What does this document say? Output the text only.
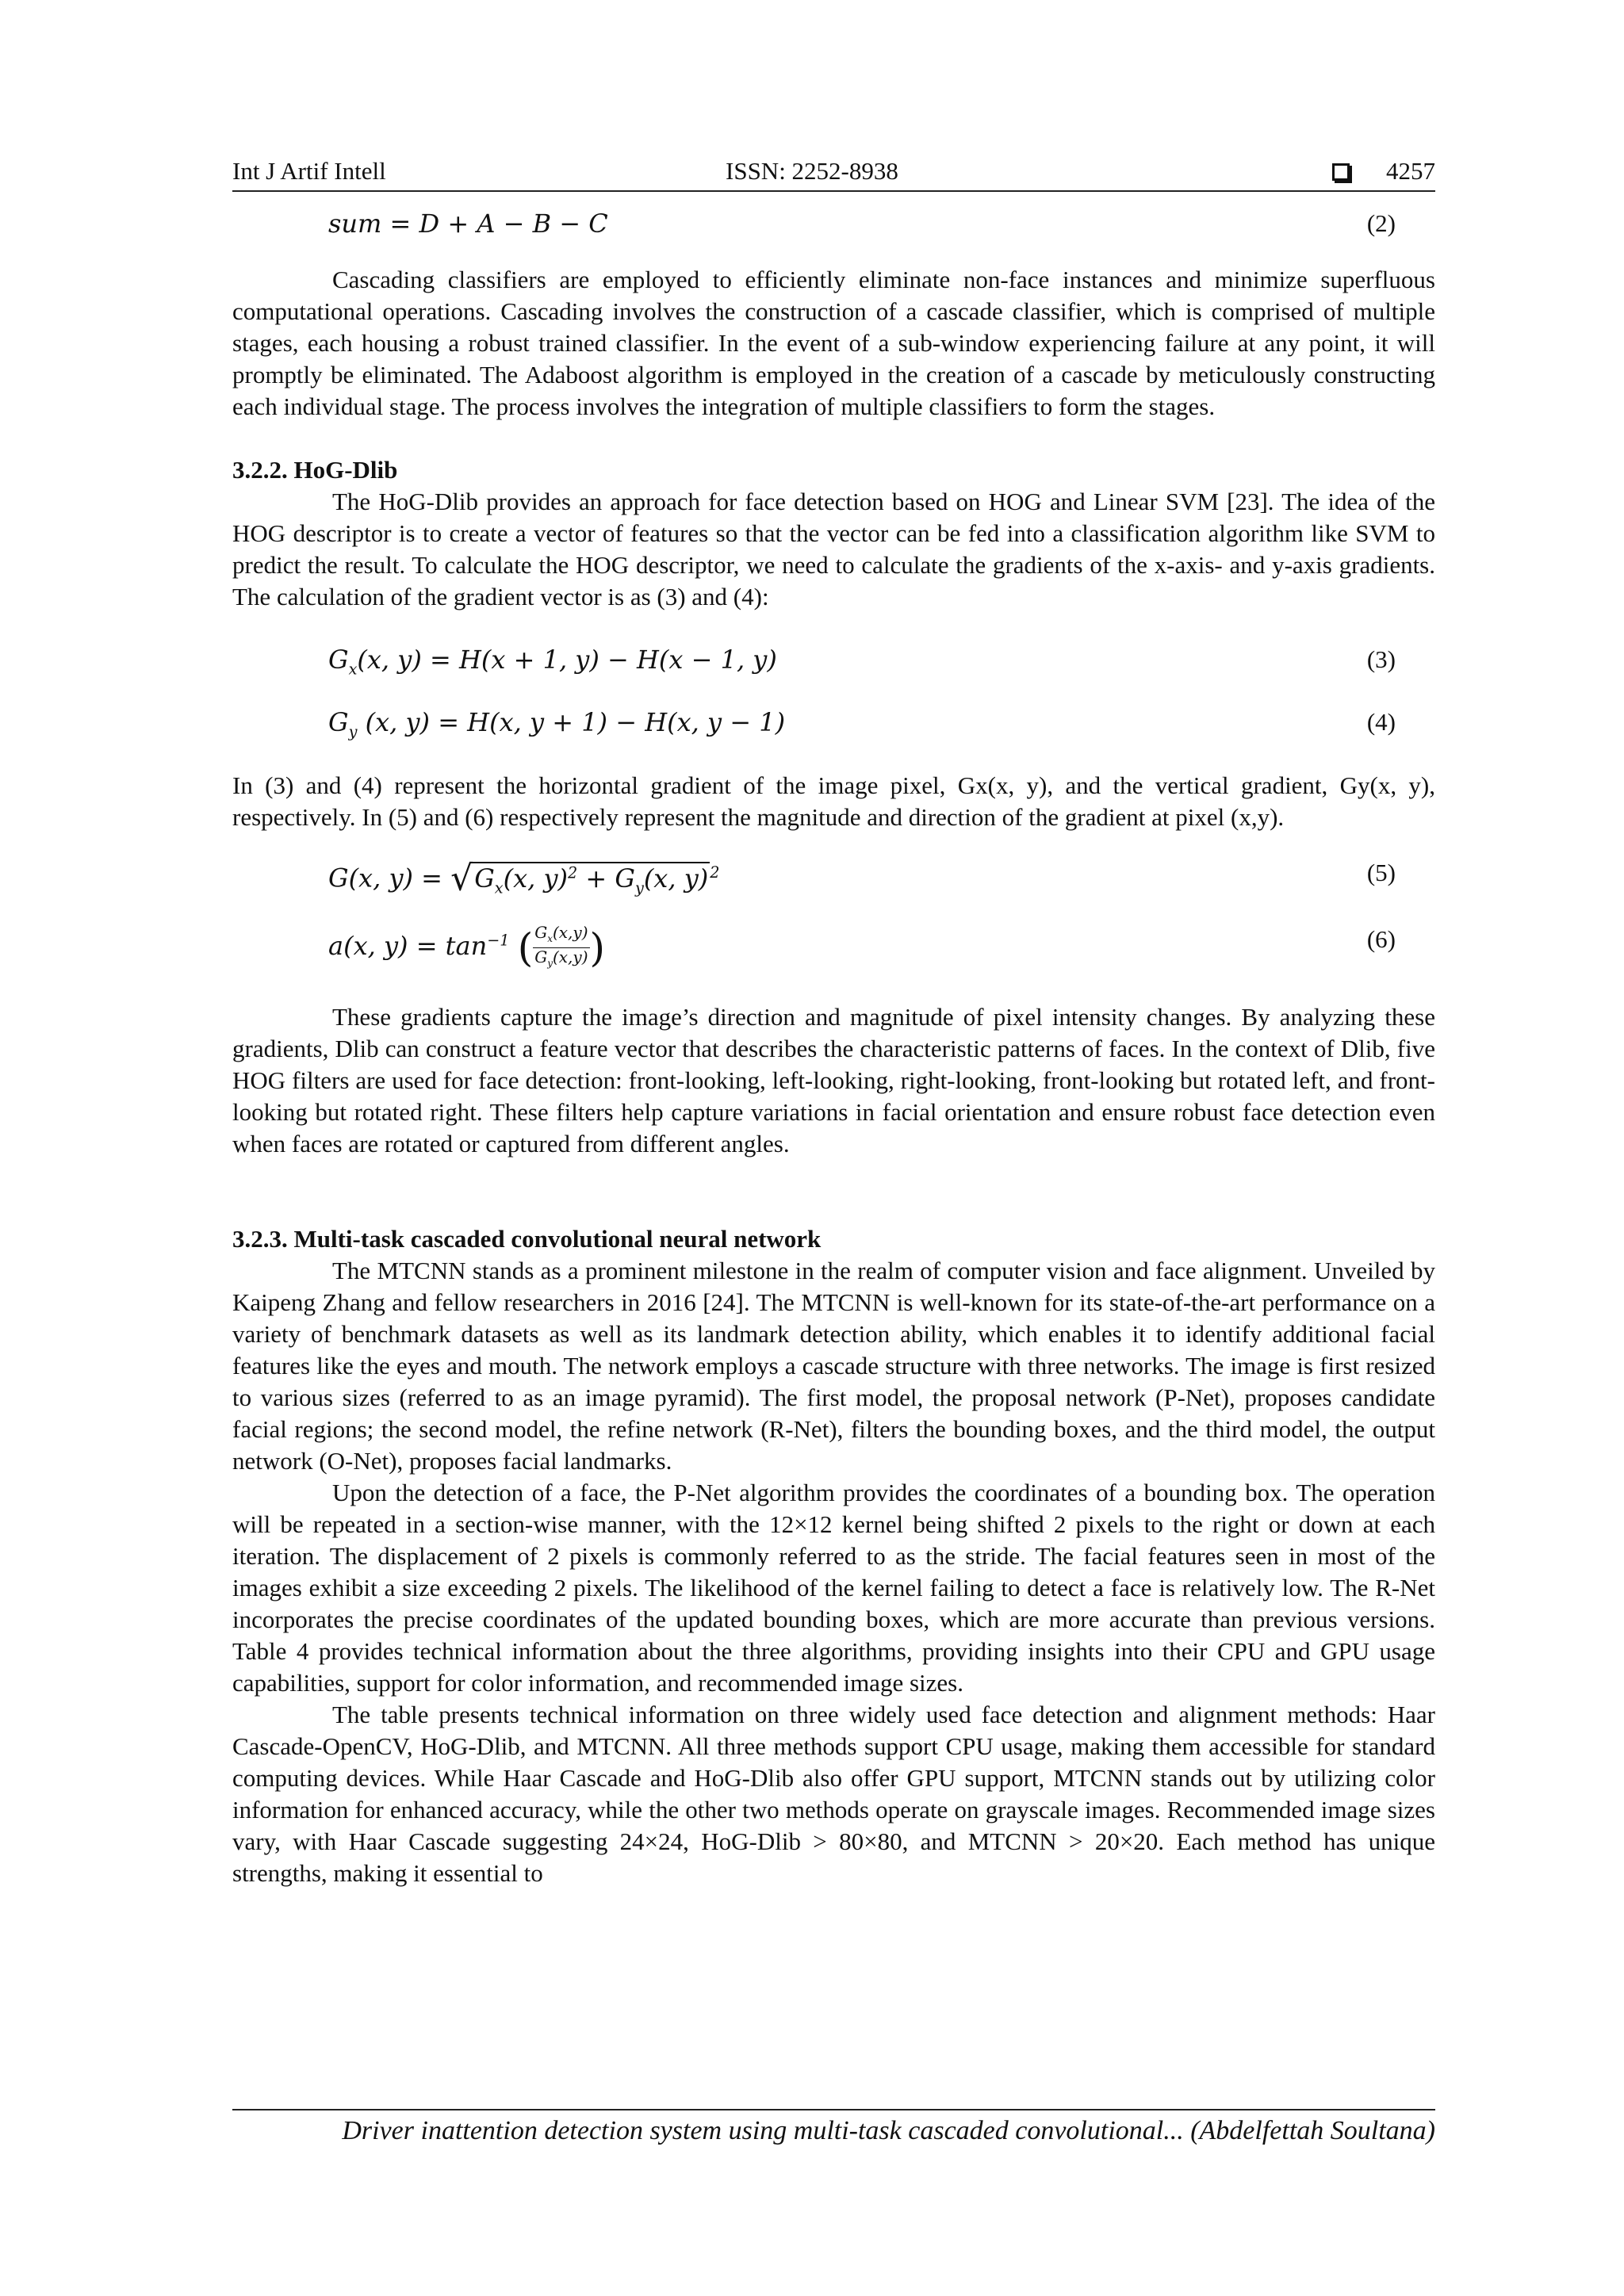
Int J Artif Intell	ISSN: 2252-8938	4257
sum = D + A − B − C	(2)

Cascading classifiers are employed to efficiently eliminate non-face instances and minimize superfluous computational operations. Cascading involves the construction of a cascade classifier, which is comprised of multiple stages, each housing a robust trained classifier. In the event of a sub-window experiencing failure at any point, it will promptly be eliminated. The Adaboost algorithm is employed in the creation of a cascade by meticulously constructing each individual stage. The process involves the integration of multiple classifiers to form the stages.

3.2.2. HoG-Dlib

The HoG-Dlib provides an approach for face detection based on HOG and Linear SVM [23]. The idea of the HOG descriptor is to create a vector of features so that the vector can be fed into a classification algorithm like SVM to predict the result. To calculate the HOG descriptor, we need to calculate the gradients of the x-axis- and y-axis gradients. The calculation of the gradient vector is as (3) and (4):

$G_x(x$, y) = H(x + 1, y) − H(x − 1, y)	(3)
$G_y$ (x, y) = H(x, y + 1) − H(x, y − 1)	(4)

In (3) and (4) represent the horizontal gradient of the image pixel, Gx(x, y), and the vertical gradient, Gy(x, y), respectively. In (5) and (6) respectively represent the magnitude and direction of the gradient at pixel (x,y).

G(x, $y) = √G_x(x$, $y)^2 + G_y(x$, y) $^2$	(5)
a(x, $y) = \tan^{-1}$ ( $\frac{G_x(x,y)}{G_y(x,y)}$ )	(6)

These gradients capture the image’s direction and magnitude of pixel intensity changes. By analyzing these gradients, Dlib can construct a feature vector that describes the characteristic patterns of faces. In the context of Dlib, five HOG filters are used for face detection: front-looking, left-looking, right-looking, front-looking but rotated left, and front-looking but rotated right. These filters help capture variations in facial orientation and ensure robust face detection even when faces are rotated or captured from different angles.

3.2.3. Multi-task cascaded convolutional neural network

The MTCNN stands as a prominent milestone in the realm of computer vision and face alignment. Unveiled by Kaipeng Zhang and fellow researchers in 2016 [24]. The MTCNN is well-known for its state-of-the-art performance on a variety of benchmark datasets as well as its landmark detection ability, which enables it to identify additional facial features like the eyes and mouth. The network employs a cascade structure with three networks. The image is first resized to various sizes (referred to as an image pyramid). The first model, the proposal network (P-Net), proposes candidate facial regions; the second model, the refine network (R-Net), filters the bounding boxes, and the third model, the output network (O-Net), proposes facial landmarks.

Upon the detection of a face, the P-Net algorithm provides the coordinates of a bounding box. The operation will be repeated in a section-wise manner, with the 12×12 kernel being shifted 2 pixels to the right or down at each iteration. The displacement of 2 pixels is commonly referred to as the stride. The facial features seen in most of the images exhibit a size exceeding 2 pixels. The likelihood of the kernel failing to detect a face is relatively low. The R-Net incorporates the precise coordinates of the updated bounding boxes, which are more accurate than previous versions. Table 4 provides technical information about the three algorithms, providing insights into their CPU and GPU usage capabilities, support for color information, and recommended image sizes.

The table presents technical information on three widely used face detection and alignment methods: Haar Cascade-OpenCV, HoG-Dlib, and MTCNN. All three methods support CPU usage, making them accessible for standard computing devices. While Haar Cascade and HoG-Dlib also offer GPU support, MTCNN stands out by utilizing color information for enhanced accuracy, while the other two methods operate on grayscale images. Recommended image sizes vary, with Haar Cascade suggesting 24×24, HoG-Dlib > 80×80, and MTCNN > 20×20. Each method has unique strengths, making it essential to

Driver inattention detection system using multi-task cascaded convolutional... (Abdelfettah Soultana)
